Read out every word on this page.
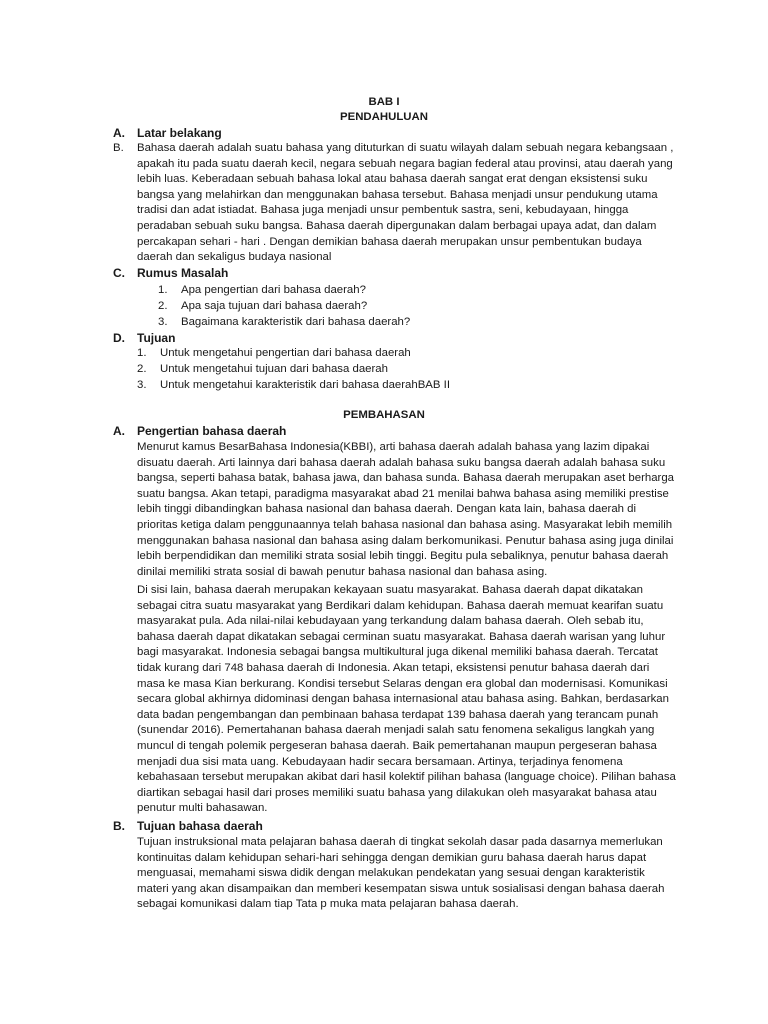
BAB I
PENDAHULUAN
A. Latar belakang
B. Bahasa daerah adalah suatu bahasa yang dituturkan di suatu wilayah dalam sebuah negara kebangsaan , apakah itu pada suatu daerah kecil, negara sebuah negara bagian federal atau provinsi, atau daerah yang lebih luas. Keberadaan sebuah bahasa lokal atau bahasa daerah sangat erat dengan eksistensi suku bangsa yang melahirkan dan menggunakan bahasa tersebut. Bahasa menjadi unsur pendukung utama tradisi dan adat istiadat. Bahasa juga menjadi unsur pembentuk sastra, seni, kebudayaan, hingga peradaban sebuah suku bangsa. Bahasa daerah dipergunakan dalam berbagai upaya adat, dan dalam percakapan sehari - hari . Dengan demikian bahasa daerah merupakan unsur pembentukan budaya daerah dan sekaligus budaya nasional
C. Rumus Masalah
1. Apa pengertian dari bahasa daerah?
2. Apa saja tujuan dari bahasa daerah?
3. Bagaimana karakteristik dari bahasa daerah?
D. Tujuan
1. Untuk mengetahui pengertian dari bahasa daerah
2. Untuk mengetahui tujuan dari bahasa daerah
3. Untuk mengetahui karakteristik dari bahasa daerahBAB II
PEMBAHASAN
A. Pengertian bahasa daerah
Menurut kamus BesarBahasa Indonesia(KBBI), arti bahasa daerah adalah bahasa yang lazim dipakai disuatu daerah. Arti lainnya dari bahasa daerah adalah bahasa suku bangsa daerah adalah bahasa suku bangsa, seperti bahasa batak, bahasa jawa, dan bahasa sunda. Bahasa daerah merupakan aset berharga suatu bangsa. Akan tetapi, paradigma masyarakat abad 21 menilai bahwa bahasa asing memiliki prestise lebih tinggi dibandingkan bahasa nasional dan bahasa daerah. Dengan kata lain, bahasa daerah di prioritas ketiga dalam penggunaannya telah bahasa nasional dan bahasa asing. Masyarakat lebih memilih menggunakan bahasa nasional dan bahasa asing dalam berkomunikasi. Penutur bahasa asing juga dinilai lebih berpendidikan dan memiliki strata sosial lebih tinggi. Begitu pula sebaliknya, penutur bahasa daerah dinilai memiliki strata sosial di bawah penutur bahasa nasional dan bahasa asing.
Di sisi lain, bahasa daerah merupakan kekayaan suatu masyarakat. Bahasa daerah dapat dikatakan sebagai citra suatu masyarakat yang Berdikari dalam kehidupan. Bahasa daerah memuat kearifan suatu masyarakat pula. Ada nilai-nilai kebudayaan yang terkandung dalam bahasa daerah. Oleh sebab itu, bahasa daerah dapat dikatakan sebagai cerminan suatu masyarakat. Bahasa daerah warisan yang luhur bagi masyarakat. Indonesia sebagai bangsa multikultural juga dikenal memiliki bahasa daerah. Tercatat tidak kurang dari 748 bahasa daerah di Indonesia. Akan tetapi, eksistensi penutur bahasa daerah dari masa ke masa Kian berkurang. Kondisi tersebut Selaras dengan era global dan modernisasi. Komunikasi secara global akhirnya didominasi dengan bahasa internasional atau bahasa asing. Bahkan, berdasarkan data badan pengembangan dan pembinaan bahasa terdapat 139 bahasa daerah yang terancam punah (sunendar 2016). Pemertahanan bahasa daerah menjadi salah satu fenomena sekaligus langkah yang muncul di tengah polemik pergeseran bahasa daerah. Baik pemertahanan maupun pergeseran bahasa menjadi dua sisi mata uang. Kebudayaan hadir secara bersamaan. Artinya, terjadinya fenomena kebahasaan tersebut merupakan akibat dari hasil kolektif pilihan bahasa (language choice). Pilihan bahasa diartikan sebagai hasil dari proses memiliki suatu bahasa yang dilakukan oleh masyarakat bahasa atau penutur multi bahasawan.
B. Tujuan bahasa daerah
Tujuan instruksional mata pelajaran bahasa daerah di tingkat sekolah dasar pada dasarnya memerlukan kontinuitas dalam kehidupan sehari-hari sehingga dengan demikian guru bahasa daerah harus dapat menguasai, memahami siswa didik dengan melakukan pendekatan yang sesuai dengan karakteristik materi yang akan disampaikan dan memberi kesempatan siswa untuk sosialisasi dengan bahasa daerah sebagai komunikasi dalam tiap Tata p muka mata pelajaran bahasa daerah.
